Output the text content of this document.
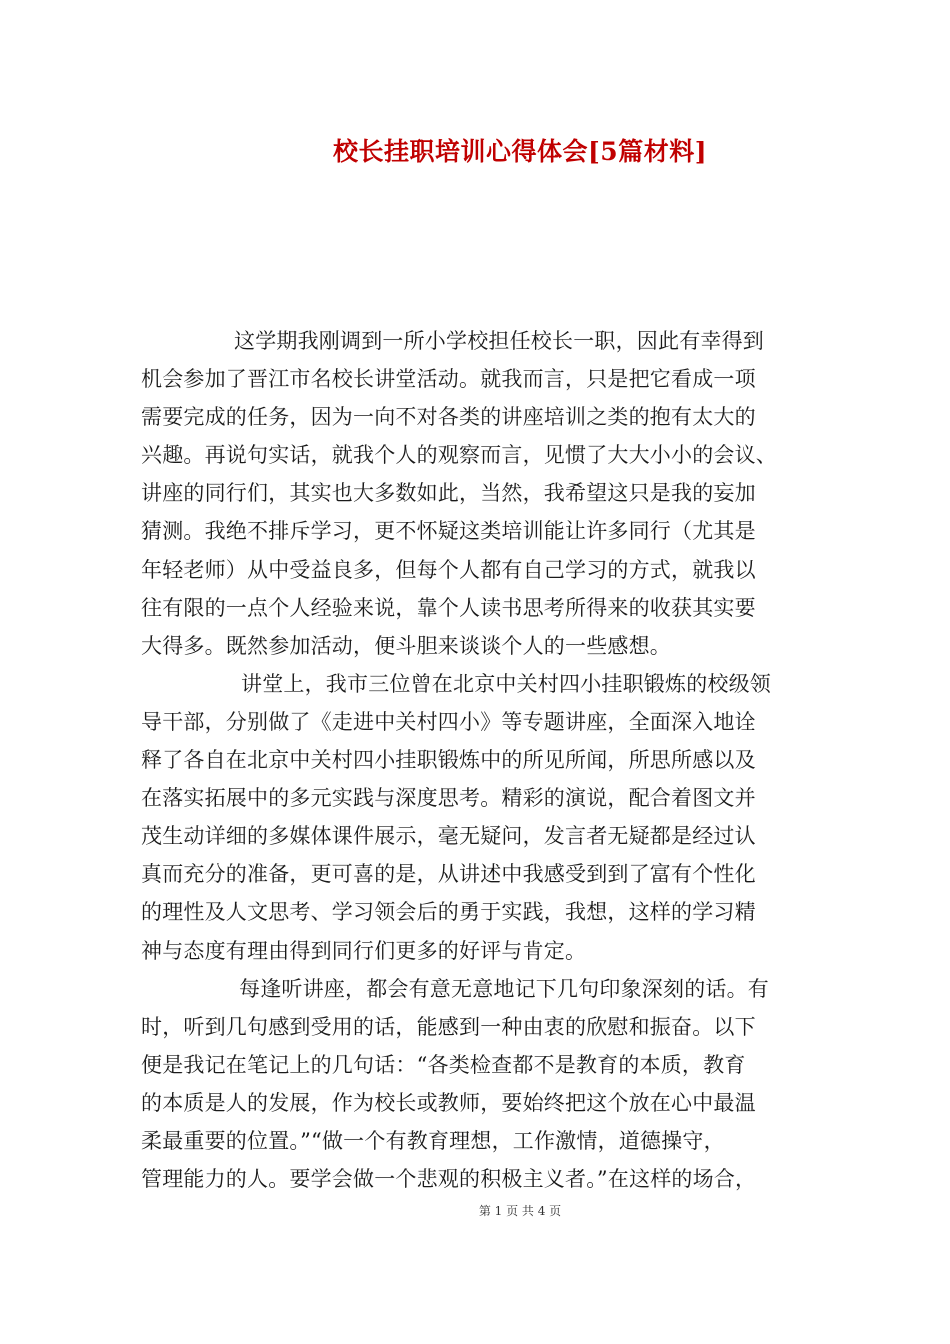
校长挂职培训心得体会[5篇材料]
这学期我刚调到一所小学校担任校长一职，因此有幸得到
机会参加了晋江市名校长讲堂活动。就我而言，只是把它看成一项
需要完成的任务，因为一向不对各类的讲座培训之类的抱有太大的
兴趣。再说句实话，就我个人的观察而言，见惯了大大小小的会议、
讲座的同行们，其实也大多数如此，当然，我希望这只是我的妄加
猜测。我绝不排斥学习，更不怀疑这类培训能让许多同行（尤其是
年轻老师）从中受益良多，但每个人都有自己学习的方式，就我以
往有限的一点个人经验来说，靠个人读书思考所得来的收获其实要
大得多。既然参加活动，便斗胆来谈谈个人的一些感想。
讲堂上，我市三位曾在北京中关村四小挂职锻炼的校级领
导干部，分别做了《走进中关村四小》等专题讲座，全面深入地诠
释了各自在北京中关村四小挂职锻炼中的所见所闻，所思所感以及
在落实拓展中的多元实践与深度思考。精彩的演说，配合着图文并
茂生动详细的多媒体课件展示，毫无疑问，发言者无疑都是经过认
真而充分的准备，更可喜的是，从讲述中我感受到到了富有个性化
的理性及人文思考、学习领会后的勇于实践，我想，这样的学习精
神与态度有理由得到同行们更多的好评与肯定。
每逢听讲座，都会有意无意地记下几句印象深刻的话。有
时，听到几句感到受用的话，能感到一种由衷的欣慰和振奋。以下
便是我记在笔记上的几句话：“各类检查都不是教育的本质，教育
的本质是人的发展，作为校长或教师，要始终把这个放在心中最温
柔最重要的位置。”“做一个有教育理想，工作激情，道德操守，
管理能力的人。要学会做一个悲观的积极主义者。”在这样的场合，
第 1 页 共 4 页
